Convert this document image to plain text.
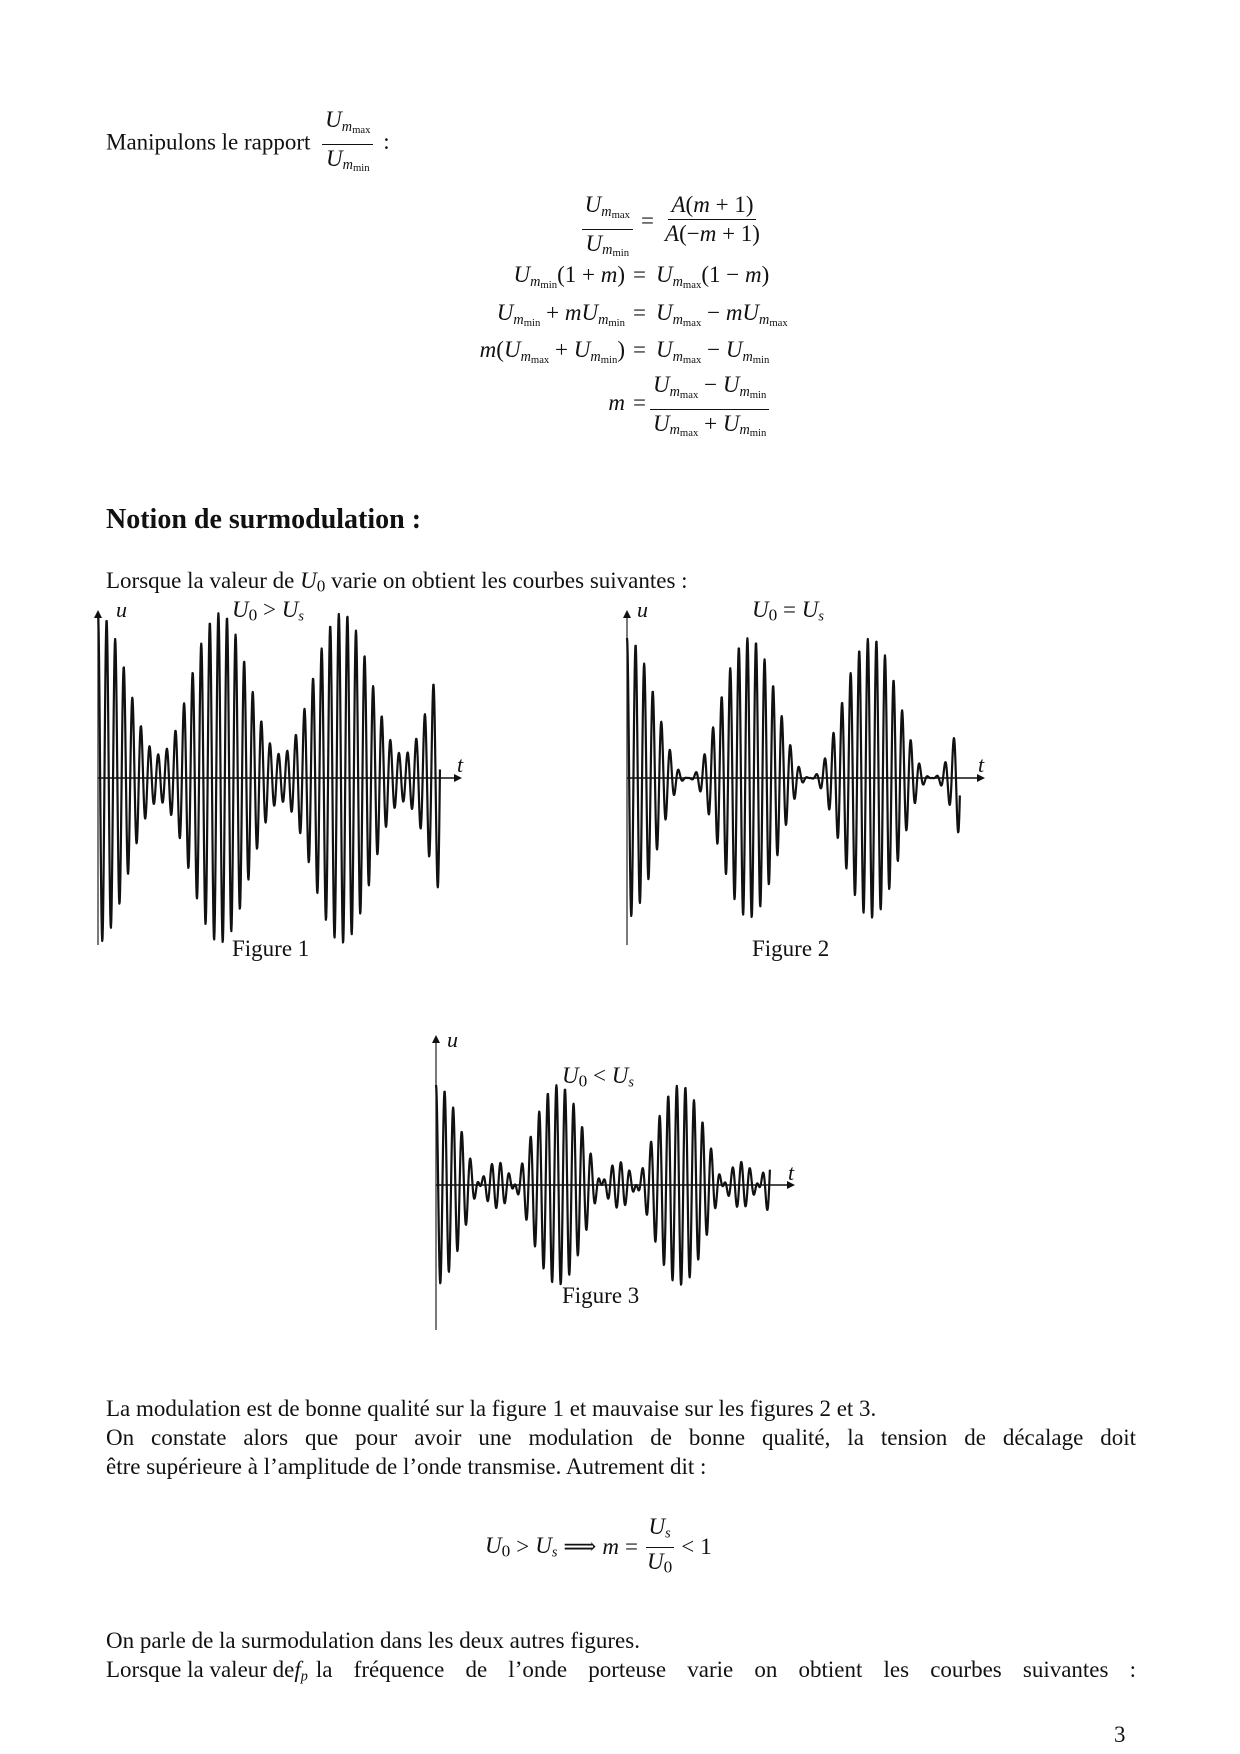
Manipulons le rapport $\frac{U_{m_{max}}}{U_{m_{min}}}$ :
$\frac{U_{m_{max}}}{U_{m_{min}}} = \frac{A(m + 1)}{A(-m + 1)}$
$U_{m_{min}}(1 + m) = U_{m_{max}}(1 - m)$
$U_{m_{min}} + mU_{m_{min}} = U_{m_{max}} - mU_{m_{max}}$
$m(U_{m_{max}} + U_{m_{min}}) = U_{m_{max}} - U_{m_{min}}$
$m = \frac{U_{m_{max}} - U_{m_{min}}}{U_{m_{max}} + U_{m_{min}}}$
Notion de surmodulation :
Lorsque la valeur de $U_0$ varie on obtient les courbes suivantes :
u
t
$U_0 > U_s$
Figure 1
u
t
$U_0 = U_s$
Figure 2
u
t
$U_0 < U_s$
Figure 3
La modulation est de bonne qualité sur la figure 1 et mauvaise sur les figures 2 et 3.
On constate alors que pour avoir une modulation de bonne qualité, la tension de décalage doit
être supérieure à l’amplitude de l’onde transmise. Autrement dit :
$U_0 > U_s$ ⟹ $m = \frac{U_s}{U_0} < 1$
On parle de la surmodulation dans les deux autres figures.
Lorsque la valeur de $f_p$ la fréquence de l’onde porteuse varie on obtient les courbes suivantes :
3
